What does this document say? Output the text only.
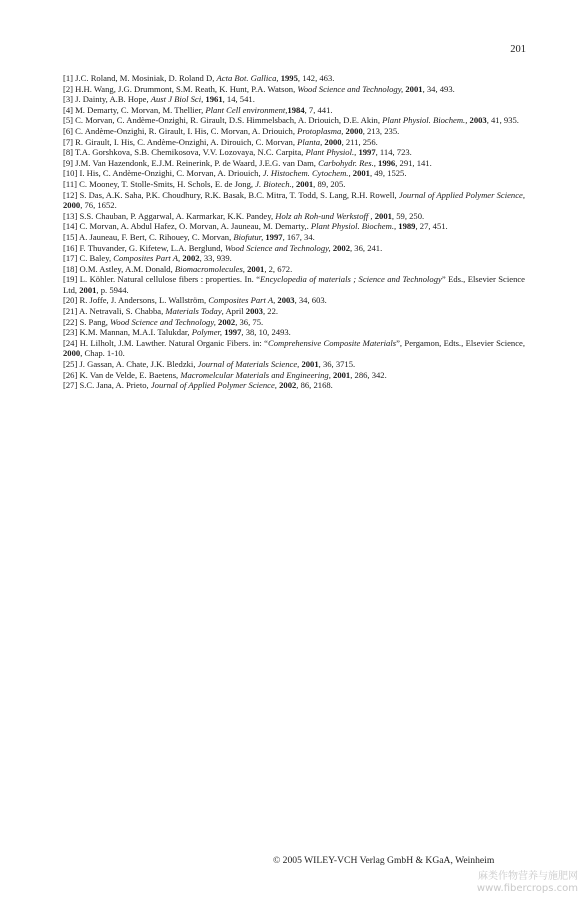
201

[1] J.C. Roland, M. Mosiniak, D. Roland D, Acta Bot. Gallica, 1995, 142, 463.

[2] H.H. Wang, J.G. Drummont, S.M. Reath, K. Hunt, P.A. Watson, Wood Science and Technology, 2001, 34, 493.

[3] J. Dainty, A.B. Hope, Aust J Biol Sci, 1961, 14, 541.

[4] M. Demarty, C. Morvan, M. Thellier, Plant Cell environment,1984, 7, 441.

[5] C. Morvan, C. Andème-Onzighi, R. Girault, D.S. Himmelsbach, A. Driouich, D.E. Akin, Plant Physiol. Biochem., 2003, 41, 935.

[6] C. Andème-Onzighi, R. Girault, I. His, C. Morvan, A. Driouich, Protoplasma, 2000, 213, 235.

[7] R. Girault, I. His, C. Andème-Onzighi, A. Dirouich, C. Morvan, Planta, 2000, 211, 256.

[8] T.A. Gorshkova, S.B. Chemikosova, V.V. Lozovaya, N.C. Carpita, Plant Physiol., 1997, 114, 723.

[9] J.M. Van Hazendonk, E.J.M. Reinerink, P. de Waard, J.E.G. van Dam, Carbohydr. Res., 1996, 291, 141.

[10] I. His, C. Andème-Onzighi, C. Morvan, A. Driouich, J. Histochem. Cytochem., 2001, 49, 1525.

[11] C. Mooney, T. Stolle-Smits, H. Schols, E. de Jong, J. Biotech., 2001, 89, 205.

[12] S. Das, A.K. Saha, P.K. Choudhury, R.K. Basak, B.C. Mitra, T. Todd, S. Lang, R.H. Rowell, Journal of Applied Polymer Science, 2000, 76, 1652.

[13] S.S. Chauban, P. Aggarwal, A. Karmarkar, K.K. Pandey, Holz ah Roh-und Werkstoff , 2001, 59, 250.

[14] C. Morvan, A. Abdul Hafez, O. Morvan, A. Jauneau, M. Demarty,. Plant Physiol. Biochem., 1989, 27, 451.

[15] A. Jauneau, F. Bert, C. Rihouey, C. Morvan, Biofutur, 1997, 167, 34.

[16] F. Thuvander, G. Kifetew, L.A. Berglund, Wood Science and Technology, 2002, 36, 241.

[17] C. Baley, Composites Part A, 2002, 33, 939.

[18] O.M. Astley, A.M. Donald, Biomacromolecules, 2001, 2, 672.

[19] L. Köhler. Natural cellulose fibers : properties. In. “Encyclopedia of materials ; Science and Technology” Eds., Elsevier Science Ltd, 2001, p. 5944.

[20] R. Joffe, J. Andersons, L. Wallström, Composites Part A, 2003, 34, 603.

[21] A. Netravali, S. Chabba, Materials Today, April 2003, 22.

[22] S. Pang, Wood Science and Technology, 2002, 36, 75.

[23] K.M. Mannan, M.A.I. Talukdar, Polymer, 1997, 38, 10, 2493.

[24] H. Lilholt, J.M. Lawther. Natural Organic Fibers. in: “Comprehensive Composite Materials”, Pergamon, Edts., Elsevier Science, 2000, Chap. 1-10.

[25] J. Gassan, A. Chate, J.K. Bledzki, Journal of Materials Science, 2001, 36, 3715.

[26] K. Van de Velde, E. Baetens, Macromelcular Materials and Engineering, 2001, 286, 342.

[27] S.C. Jana, A. Prieto, Journal of Applied Polymer Science, 2002, 86, 2168.

© 2005 WILEY-VCH Verlag GmbH & KGaA, Weinheim
麻类作物营养与施肥网
www.fibercrops.com
